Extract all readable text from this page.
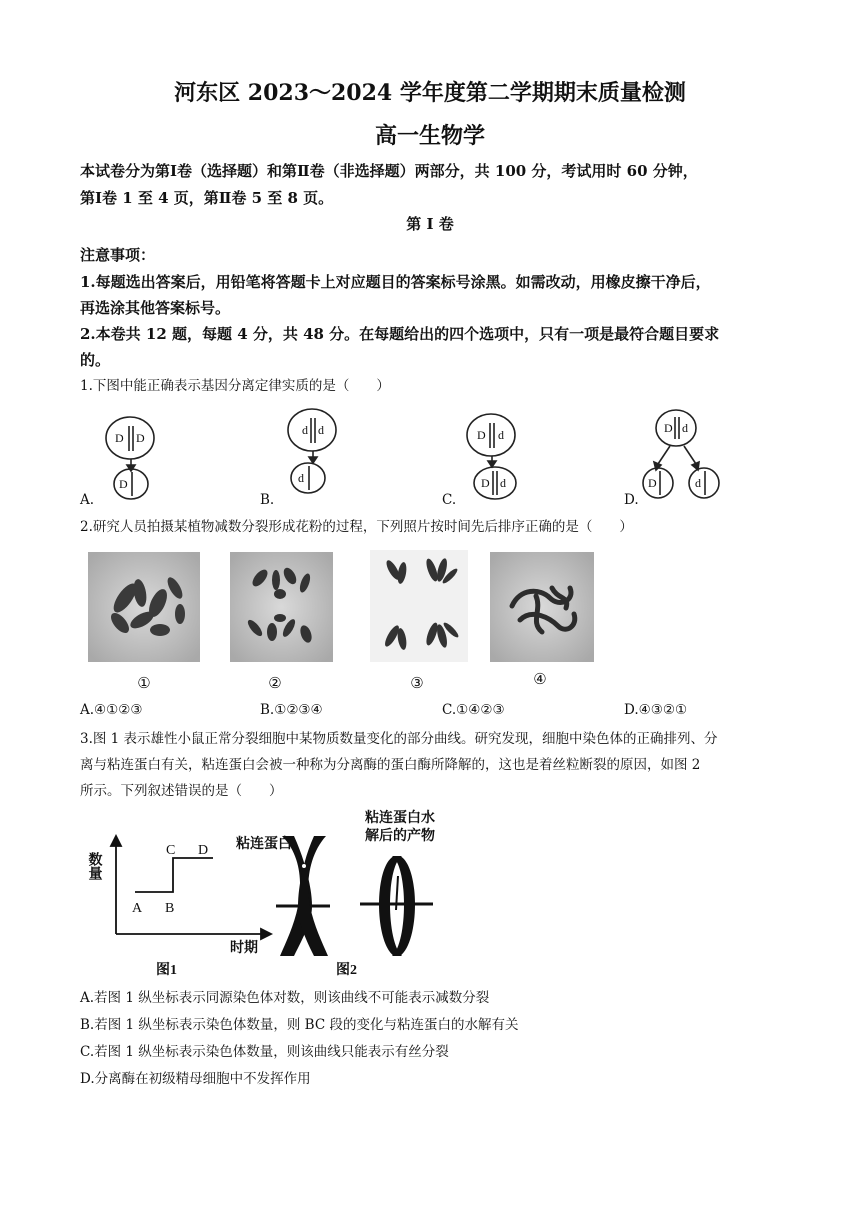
河东区 2023～2024 学年度第二学期期末质量检测
高一生物学
本试卷分为第Ⅰ卷（选择题）和第Ⅱ卷（非选择题）两部分，共 100 分，考试用时 60 分钟，
第Ⅰ卷 1 至 4 页，第Ⅱ卷 5 至 8 页。
第 I 卷
注意事项：
1.每题选出答案后，用铅笔将答题卡上对应题目的答案标号涂黑。如需改动，用橡皮擦干净后，
再选涂其他答案标号。
2.本卷共 12 题，每题 4 分，共 48 分。在每题给出的四个选项中，只有一项是最符合题目要求
的。
1.下图中能正确表示基因分离定律实质的是（　　）
D D
D
d d
d
D d
D d
D d
D	d
A.	B.	C.	D.
2.研究人员拍摄某植物减数分裂形成花粉的过程，下列照片按时间先后排序正确的是（　　）
①	②	③	④
A.④①②③	B.①②③④	C.①④②③	D.④③②①
3.图 1 表示雄性小鼠正常分裂细胞中某物质数量变化的部分曲线。研究发现，细胞中染色体的正确排列、分
离与粘连蛋白有关，粘连蛋白会被一种称为分离酶的蛋白酶所降解的，这也是着丝粒断裂的原因，如图 2
所示。下列叙述错误的是（　　）
数量
时期
A B
C D
图1
粘连蛋白
粘连蛋白水
解后的产物
图2
A.若图 1 纵坐标表示同源染色体对数，则该曲线不可能表示减数分裂
B.若图 1 纵坐标表示染色体数量，则 BC 段的变化与粘连蛋白的水解有关
C.若图 1 纵坐标表示染色体数量，则该曲线只能表示有丝分裂
D.分离酶在初级精母细胞中不发挥作用
